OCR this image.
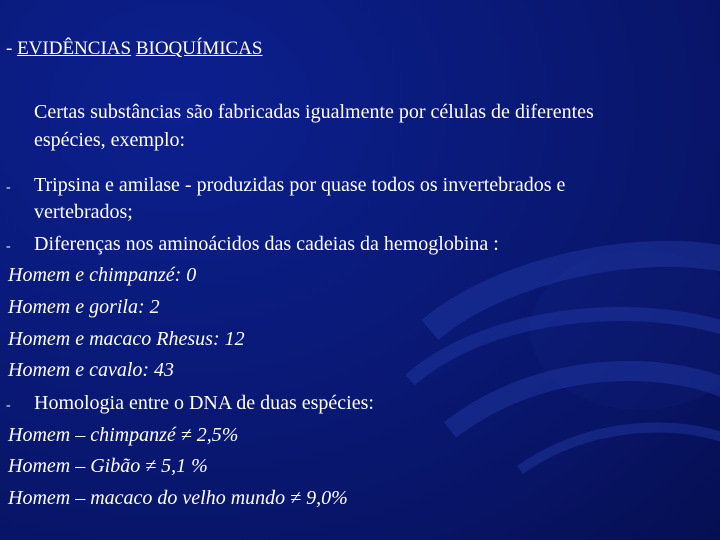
- EVIDÊNCIAS BIOQUÍMICAS
Certas substâncias são fabricadas igualmente por células de diferentes
espécies, exemplo:
- Tripsina e amilase - produzidas por quase todos os invertebrados e
vertebrados;
- Diferenças nos aminoácidos das cadeias da hemoglobina :
Homem e chimpanzé: 0
Homem e gorila: 2
Homem e macaco Rhesus: 12
Homem e cavalo: 43
- Homologia entre o DNA de duas espécies:
Homem – chimpanzé ≠ 2,5%
Homem – Gibão ≠ 5,1 %
Homem – macaco do velho mundo ≠ 9,0%
